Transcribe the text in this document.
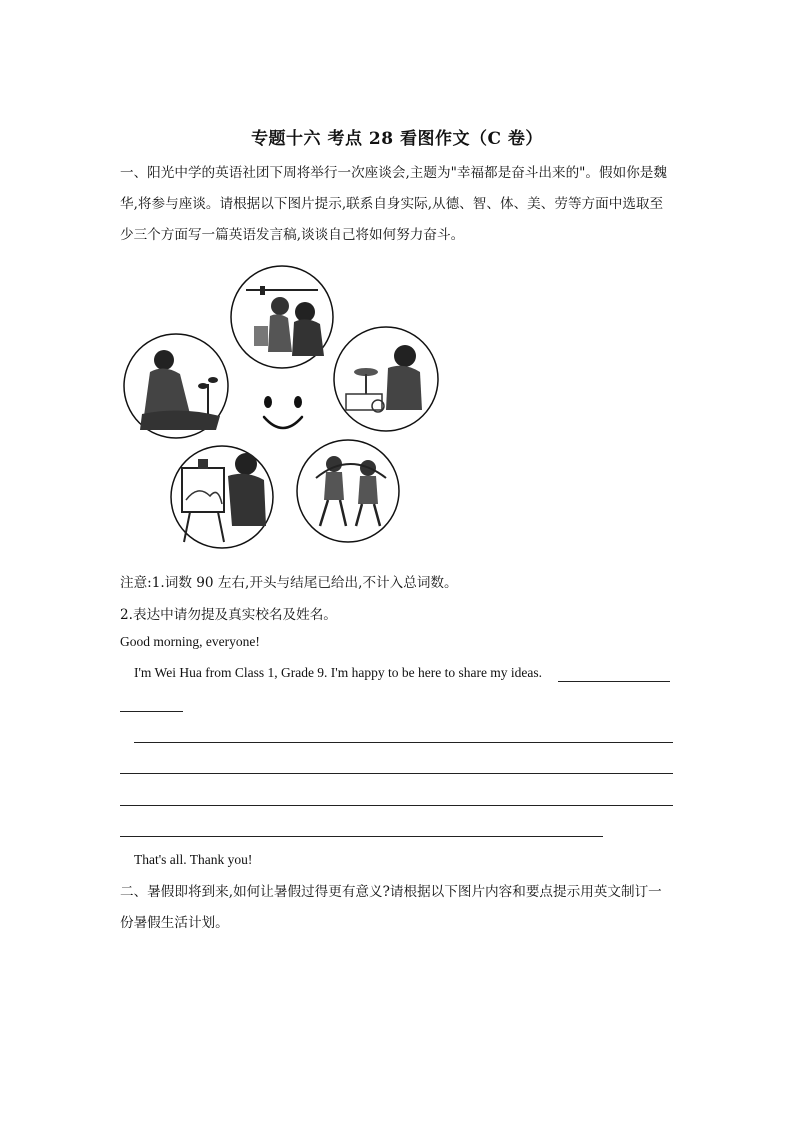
专题十六 考点 28 看图作文（C 卷）
一、阳光中学的英语社团下周将举行一次座谈会,主题为"幸福都是奋斗出来的"。假如你是魏华,将参与座谈。请根据以下图片提示,联系自身实际,从德、智、体、美、劳等方面中选取至少三个方面写一篇英语发言稿,谈谈自己将如何努力奋斗。
注意:1.词数 90 左右,开头与结尾已给出,不计入总词数。
2.表达中请勿提及真实校名及姓名。
Good morning, everyone!
I'm Wei Hua from Class 1, Grade 9. I'm happy to be here to share my ideas.
That's all. Thank you!
二、暑假即将到来,如何让暑假过得更有意义?请根据以下图片内容和要点提示用英文制订一份暑假生活计划。
